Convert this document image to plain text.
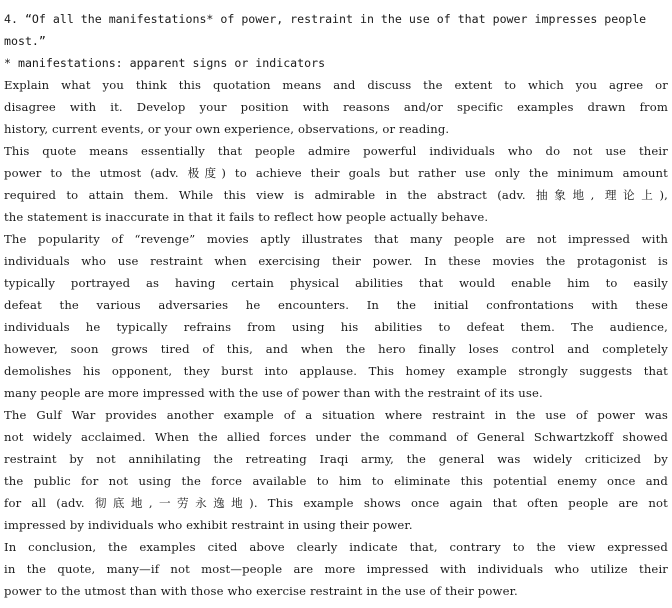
4. “Of all the manifestations* of power, restraint in the use of that power impresses people
most.”
* manifestations: apparent signs or indicators
Explain what you think this quotation means and discuss the extent to which you agree or
disagree with it. Develop your position with reasons and/or specific examples drawn from
history, current events, or your own experience, observations, or reading.
This quote means essentially that people admire powerful individuals who do not use their
power to the utmost (adv. 极度) to achieve their goals but rather use only the minimum amount
required to attain them. While this view is admirable in the abstract (adv. 抽象地, 理论上),
the statement is inaccurate in that it fails to reflect how people actually behave.
The popularity of “revenge” movies aptly illustrates that many people are not impressed with
individuals who use restraint when exercising their power. In these movies the protagonist is
typically portrayed as having certain physical abilities that would enable him to easily
defeat the various adversaries he encounters. In the initial confrontations with these
individuals he typically refrains from using his abilities to defeat them. The audience,
however, soon grows tired of this, and when the hero finally loses control and completely
demolishes his opponent, they burst into applause. This homey example strongly suggests that
many people are more impressed with the use of power than with the restraint of its use.
The Gulf War provides another example of a situation where restraint in the use of power was
not widely acclaimed. When the allied forces under the command of General Schwartzkoff showed
restraint by not annihilating the retreating Iraqi army, the general was widely criticized by
the public for not using the force available to him to eliminate this potential enemy once and
for all (adv. 彻底地,一劳永逸地). This example shows once again that often people are not
impressed by individuals who exhibit restraint in using their power.
In conclusion, the examples cited above clearly indicate that, contrary to the view expressed
in the quote, many—if not most—people are more impressed with individuals who utilize their
power to the utmost than with those who exercise restraint in the use of their power.
